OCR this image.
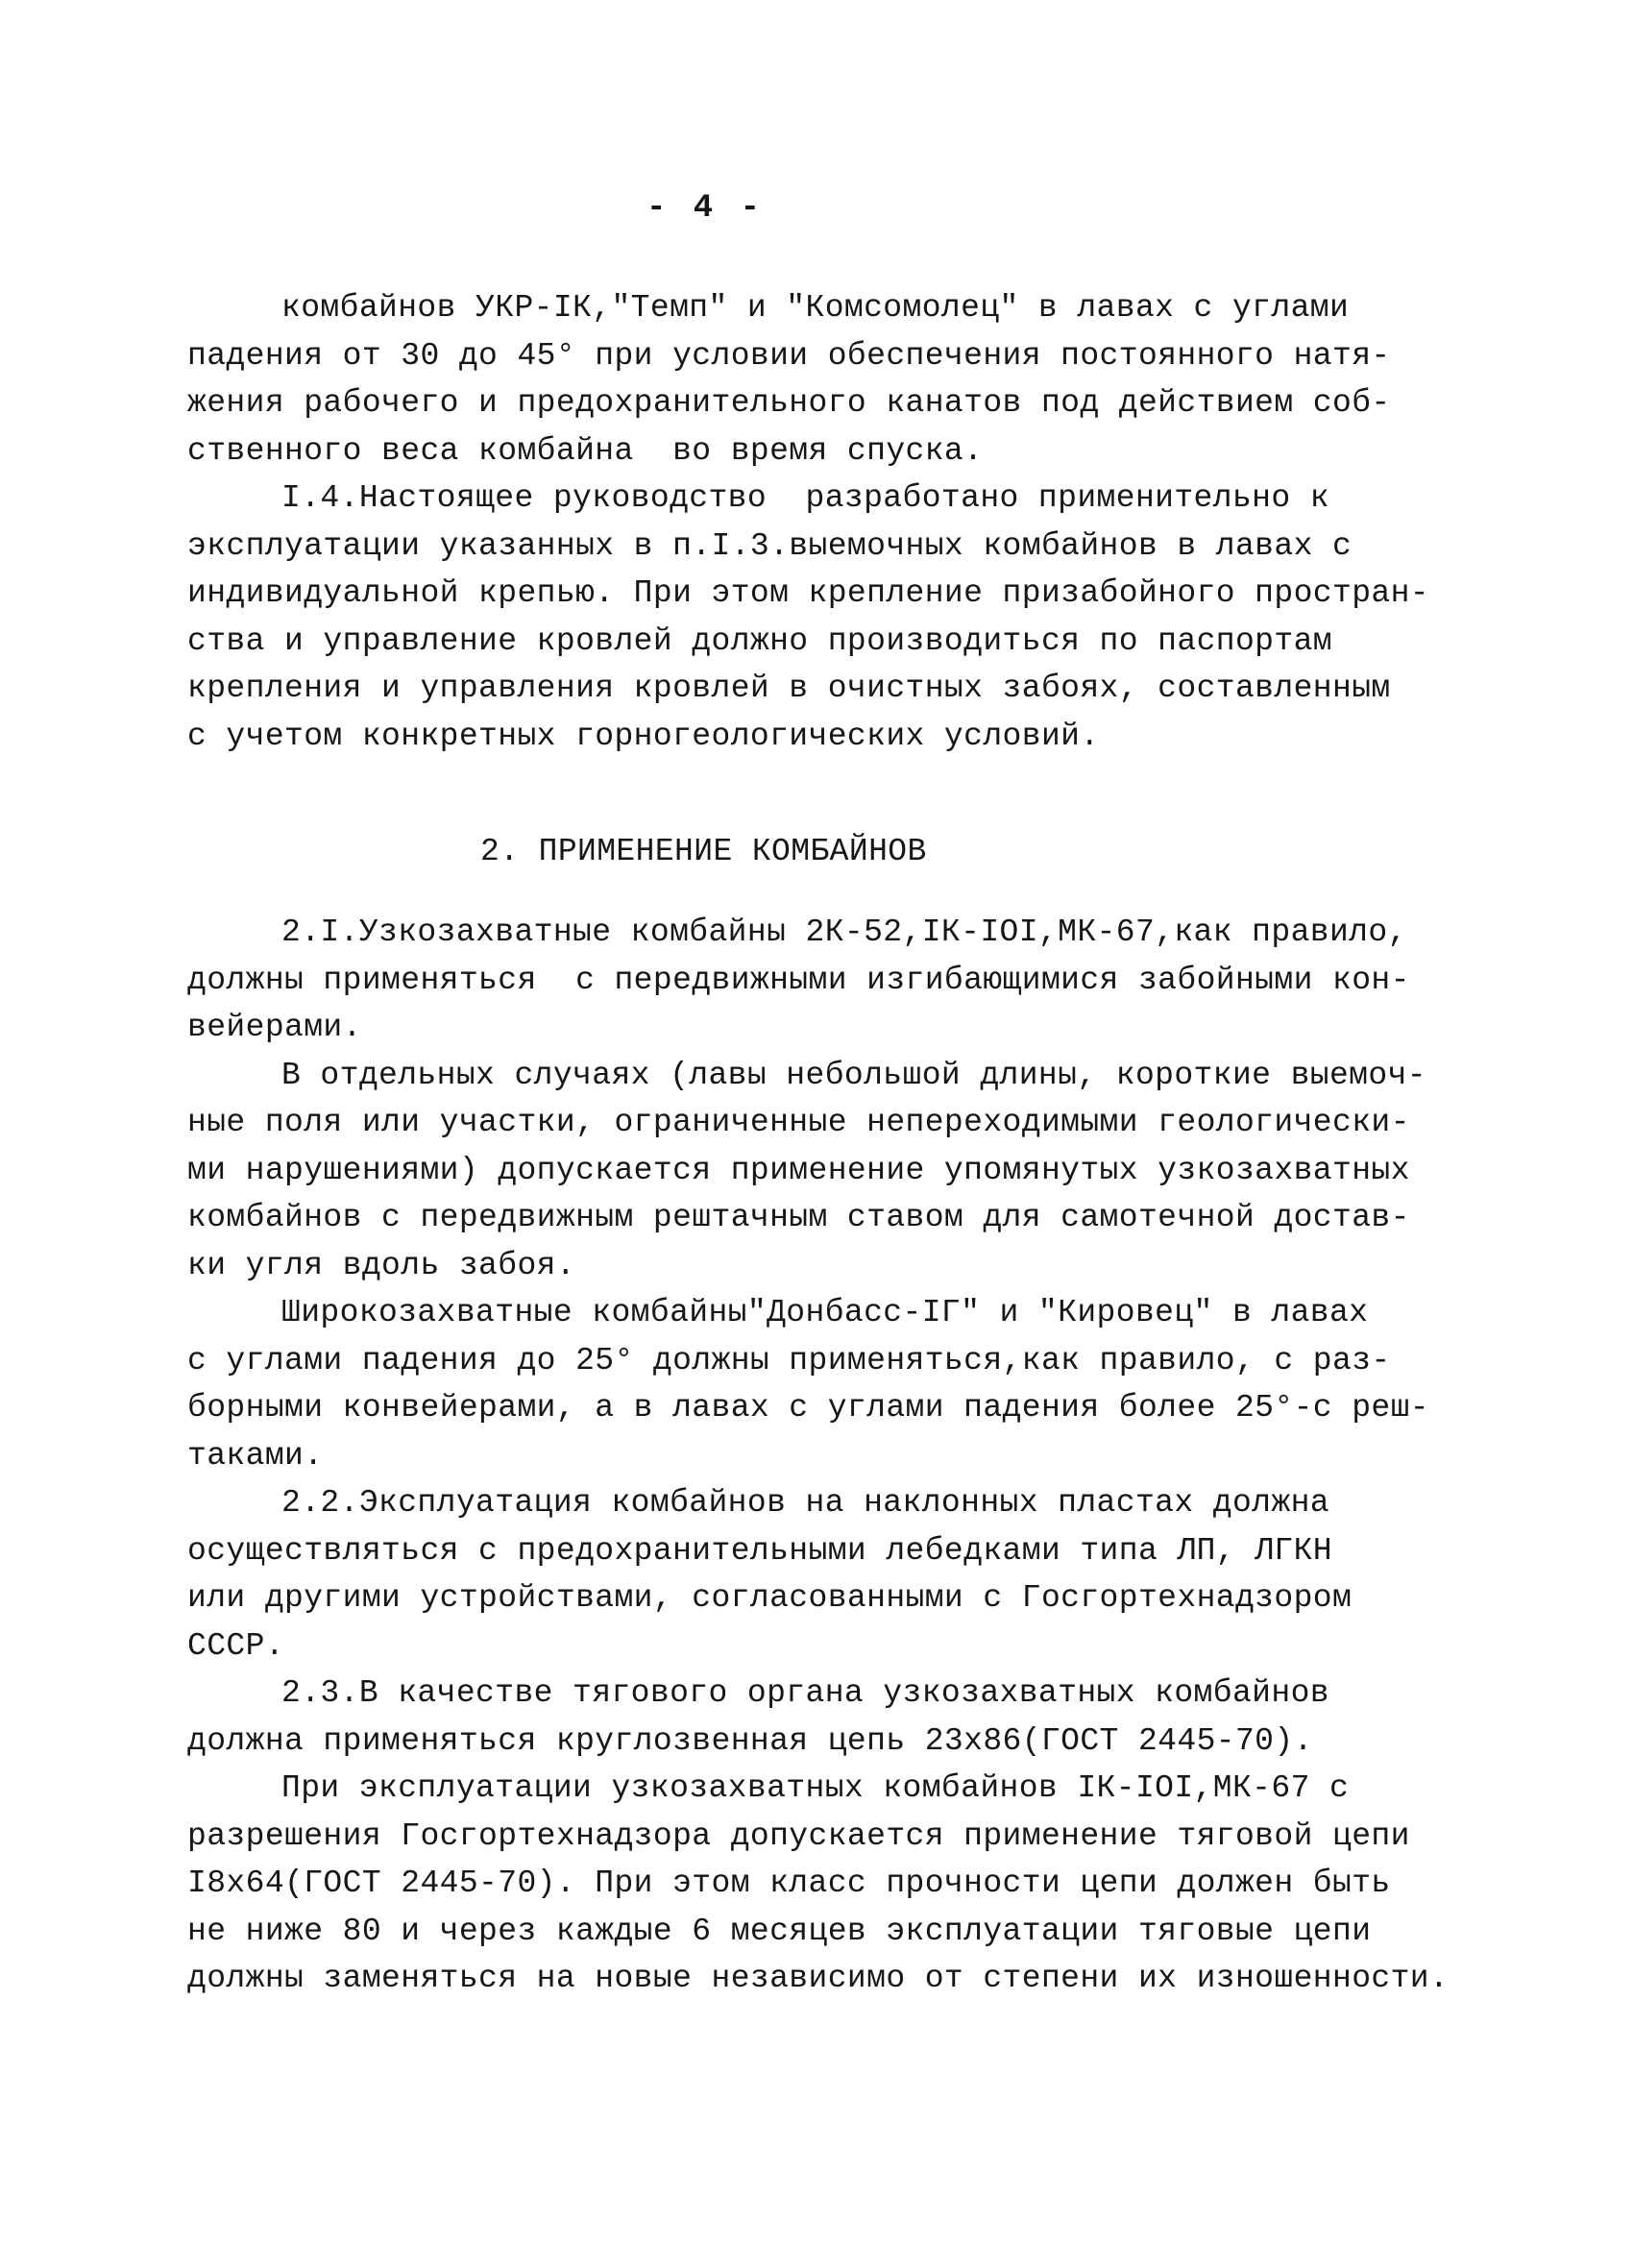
- 4 -
комбайнов УКР-IК,"Темп" и "Комсомолец" в лавах с углами
падения от 30 до 45° при условии обеспечения постоянного натя-
жения рабочего и предохранительного канатов под действием соб-
ственного веса комбайна  во время спуска.
I.4.Настоящее руководство  разработано применительно к
эксплуатации указанных в п.I.3.выемочных комбайнов в лавах с
индивидуальной крепью. При этом крепление призабойного простран-
ства и управление кровлей должно производиться по паспортам
крепления и управления кровлей в очистных забоях, составленным
с учетом конкретных горногеологических условий.
2. ПРИМЕНЕНИЕ КОМБАЙНОВ
2.I.Узкозахватные комбайны 2К-52,IК-IOI,МК-67,как правило,
должны применяться  с передвижными изгибающимися забойными кон-
вейерами.
В отдельных случаях (лавы небольшой длины, короткие выемоч-
ные поля или участки, ограниченные непереходимыми геологически-
ми нарушениями) допускается применение упомянутых узкозахватных
комбайнов с передвижным рештачным ставом для самотечной достав-
ки угля вдоль забоя.
Широкозахватные комбайны"Донбасс-IГ" и "Кировец" в лавах
с углами падения до 25° должны применяться,как правило, с раз-
борными конвейерами, а в лавах с углами падения более 25°-с реш-
таками.
2.2.Эксплуатация комбайнов на наклонных пластах должна
осуществляться с предохранительными лебедками типа ЛП, ЛГКН
или другими устройствами, согласованными с Госгортехнадзором
СССР.
2.3.В качестве тягового органа узкозахватных комбайнов
должна применяться круглозвенная цепь 23х86(ГОСТ 2445-70).
При эксплуатации узкозахватных комбайнов IК-IOI,МК-67 с
разрешения Госгортехнадзора допускается применение тяговой цепи
I8х64(ГОСТ 2445-70). При этом класс прочности цепи должен быть
не ниже 80 и через каждые 6 месяцев эксплуатации тяговые цепи
должны заменяться на новые независимо от степени их изношенности.
